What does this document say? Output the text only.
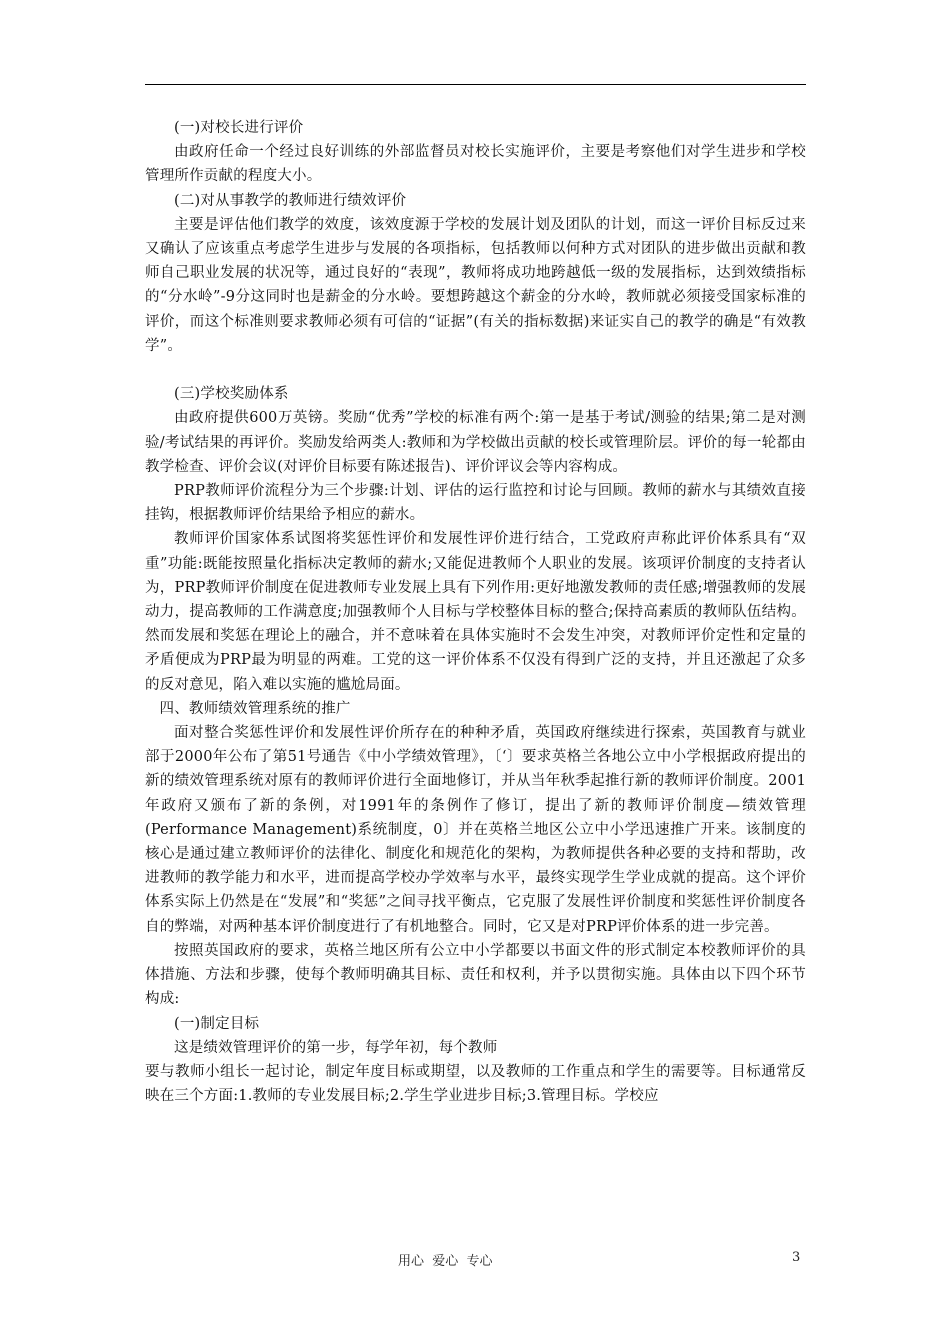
(一)对校长进行评价

由政府任命一个经过良好训练的外部监督员对校长实施评价，主要是考察他们对学生进步和学校管理所作贡献的程度大小。

(二)对从事教学的教师进行绩效评价

主要是评估他们教学的效度，该效度源于学校的发展计划及团队的计划，而这一评价目标反过来又确认了应该重点考虑学生进步与发展的各项指标，包括教师以何种方式对团队的进步做出贡献和教师自己职业发展的状况等，通过良好的“表现”，教师将成功地跨越低一级的发展指标，达到效绩指标的“分水岭”-9分这同时也是薪金的分水岭。要想跨越这个薪金的分水岭，教师就必须接受国家标准的评价，而这个标准则要求教师必须有可信的“证据”(有关的指标数据)来证实自己的教学的确是“有效教学”。

(三)学校奖励体系

由政府提供600万英镑。奖励“优秀”学校的标准有两个:第一是基于考试/测验的结果;第二是对测验/考试结果的再评价。奖励发给两类人:教师和为学校做出贡献的校长或管理阶层。评价的每一轮都由教学检查、评价会议(对评价目标要有陈述报告)、评价评议会等内容构成。

PRP教师评价流程分为三个步骤:计划、评估的运行监控和讨论与回顾。教师的薪水与其绩效直接挂钩，根据教师评价结果给予相应的薪水。

教师评价国家体系试图将奖惩性评价和发展性评价进行结合，工党政府声称此评价体系具有“双重”功能:既能按照量化指标决定教师的薪水;又能促进教师个人职业的发展。该项评价制度的支持者认为，PRP教师评价制度在促进教师专业发展上具有下列作用:更好地激发教师的责任感;增强教师的发展动力，提高教师的工作满意度;加强教师个人目标与学校整体目标的整合;保持高素质的教师队伍结构。然而发展和奖惩在理论上的融合，并不意味着在具体实施时不会发生冲突，对教师评价定性和定量的矛盾便成为PRP最为明显的两难。工党的这一评价体系不仅没有得到广泛的支持，并且还激起了众多的反对意见，陷入难以实施的尴尬局面。

四、教师绩效管理系统的推广

面对整合奖惩性评价和发展性评价所存在的种种矛盾，英国政府继续进行探索，英国教育与就业部于2000年公布了第51号通告《中小学绩效管理》，〔‘〕要求英格兰各地公立中小学根据政府提出的新的绩效管理系统对原有的教师评价进行全面地修订，并从当年秋季起推行新的教师评价制度。2001年政府又颁布了新的条例，对1991年的条例作了修订，提出了新的教师评价制度—绩效管理(Performance Management)系统制度，0〕并在英格兰地区公立中小学迅速推广开来。该制度的核心是通过建立教师评价的法律化、制度化和规范化的架构，为教师提供各种必要的支持和帮助，改进教师的教学能力和水平，进而提高学校办学效率与水平，最终实现学生学业成就的提高。这个评价体系实际上仍然是在“发展”和“奖惩”之间寻找平衡点，它克服了发展性评价制度和奖惩性评价制度各自的弊端，对两种基本评价制度进行了有机地整合。同时，它又是对PRP评价体系的进一步完善。

按照英国政府的要求，英格兰地区所有公立中小学都要以书面文件的形式制定本校教师评价的具体措施、方法和步骤，使每个教师明确其目标、责任和权利，并予以贯彻实施。具体由以下四个环节构成:

(一)制定目标

这是绩效管理评价的第一步，每学年初，每个教师

要与教师小组长一起讨论，制定年度目标或期望，以及教师的工作重点和学生的需要等。目标通常反映在三个方面:1.教师的专业发展目标;2.学生学业进步目标;3.管理目标。学校应

用心  爱心  专心	3
